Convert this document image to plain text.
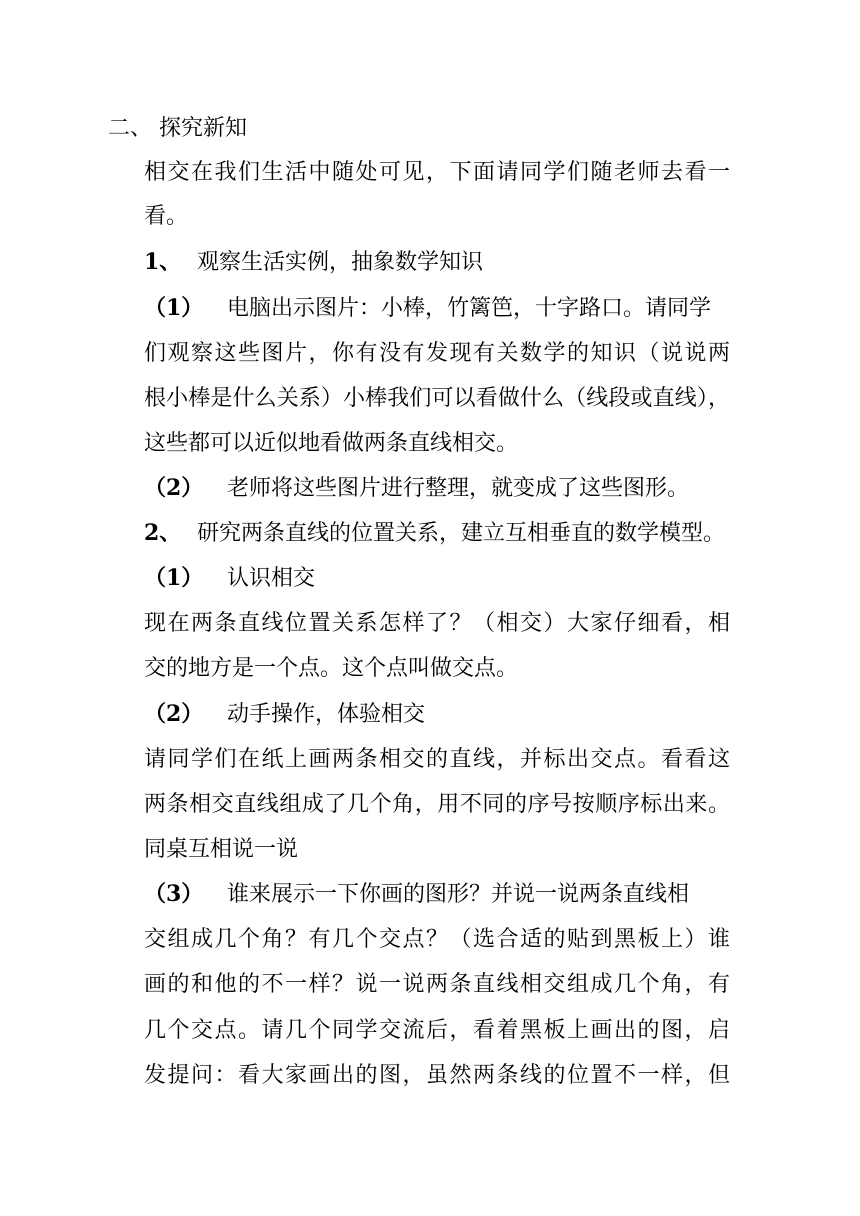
二、 探究新知
相交在我们生活中随处可见，下面请同学们随老师去看一
看。
1、 观察生活实例，抽象数学知识
（1） 电脑出示图片：小棒，竹篱笆，十字路口。请同学
们观察这些图片，你有没有发现有关数学的知识（说说两
根小棒是什么关系）小棒我们可以看做什么（线段或直线），
这些都可以近似地看做两条直线相交。
（2） 老师将这些图片进行整理，就变成了这些图形。
2、 研究两条直线的位置关系，建立互相垂直的数学模型。
（1） 认识相交
现在两条直线位置关系怎样了？（相交）大家仔细看，相
交的地方是一个点。这个点叫做交点。
（2） 动手操作，体验相交
请同学们在纸上画两条相交的直线，并标出交点。看看这
两条相交直线组成了几个角，用不同的序号按顺序标出来。
同桌互相说一说
（3） 谁来展示一下你画的图形？并说一说两条直线相
交组成几个角？有几个交点？（选合适的贴到黑板上）谁
画的和他的不一样？说一说两条直线相交组成几个角，有
几个交点。请几个同学交流后，看着黑板上画出的图，启
发提问：看大家画出的图，虽然两条线的位置不一样，但
